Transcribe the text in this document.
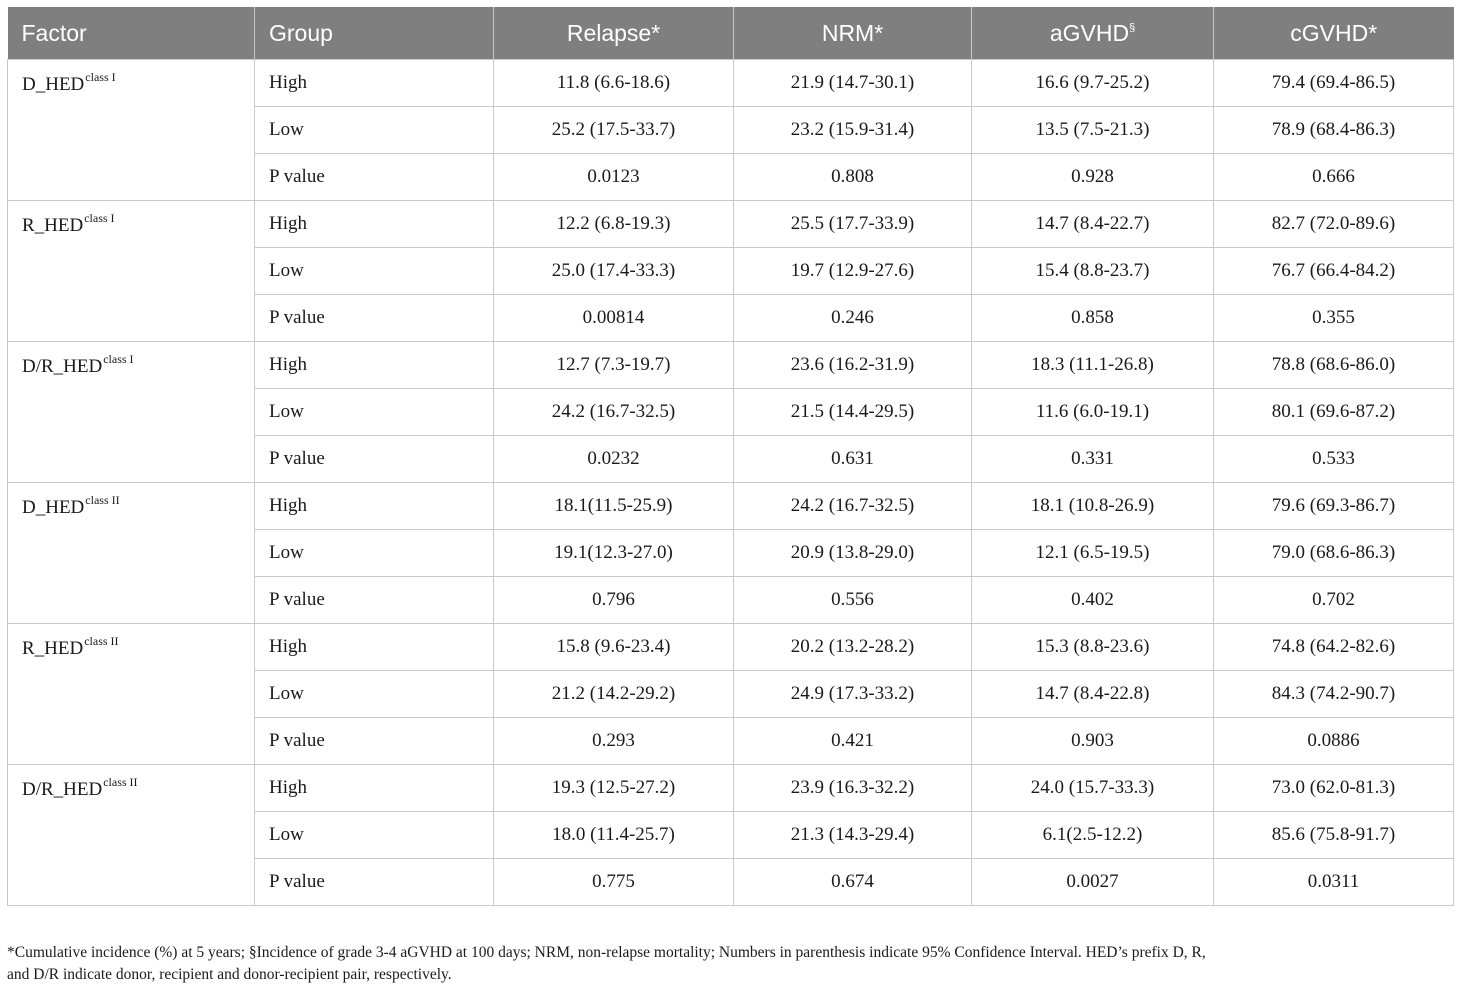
Factor	Group	Relapse*	NRM*	aGVHD§	cGVHD*
$D\_HED^{class I}$	High	11.8 (6.6-18.6)	21.9 (14.7-30.1)	16.6 (9.7-25.2)	79.4 (69.4-86.5)
	Low	25.2 (17.5-33.7)	23.2 (15.9-31.4)	13.5 (7.5-21.3)	78.9 (68.4-86.3)
	P value	0.0123	0.808	0.928	0.666
$R\_HED^{class I}$	High	12.2 (6.8-19.3)	25.5 (17.7-33.9)	14.7 (8.4-22.7)	82.7 (72.0-89.6)
	Low	25.0 (17.4-33.3)	19.7 (12.9-27.6)	15.4 (8.8-23.7)	76.7 (66.4-84.2)
	P value	0.00814	0.246	0.858	0.355
$D/R\_HED^{class I}$	High	12.7 (7.3-19.7)	23.6 (16.2-31.9)	18.3 (11.1-26.8)	78.8 (68.6-86.0)
	Low	24.2 (16.7-32.5)	21.5 (14.4-29.5)	11.6 (6.0-19.1)	80.1 (69.6-87.2)
	P value	0.0232	0.631	0.331	0.533
$D\_HED^{class II}$	High	18.1(11.5-25.9)	24.2 (16.7-32.5)	18.1 (10.8-26.9)	79.6 (69.3-86.7)
	Low	19.1(12.3-27.0)	20.9 (13.8-29.0)	12.1 (6.5-19.5)	79.0 (68.6-86.3)
	P value	0.796	0.556	0.402	0.702
$R\_HED^{class II}$	High	15.8 (9.6-23.4)	20.2 (13.2-28.2)	15.3 (8.8-23.6)	74.8 (64.2-82.6)
	Low	21.2 (14.2-29.2)	24.9 (17.3-33.2)	14.7 (8.4-22.8)	84.3 (74.2-90.7)
	P value	0.293	0.421	0.903	0.0886
$D/R\_HED^{class II}$	High	19.3 (12.5-27.2)	23.9 (16.3-32.2)	24.0 (15.7-33.3)	73.0 (62.0-81.3)
	Low	18.0 (11.4-25.7)	21.3 (14.3-29.4)	6.1(2.5-12.2)	85.6 (75.8-91.7)
	P value	0.775	0.674	0.0027	0.0311
*Cumulative incidence (%) at 5 years; §Incidence of grade 3-4 aGVHD at 100 days; NRM, non-relapse mortality; Numbers in parenthesis indicate 95% Confidence Interval. HED’s prefix D, R,
and D/R indicate donor, recipient and donor-recipient pair, respectively.
